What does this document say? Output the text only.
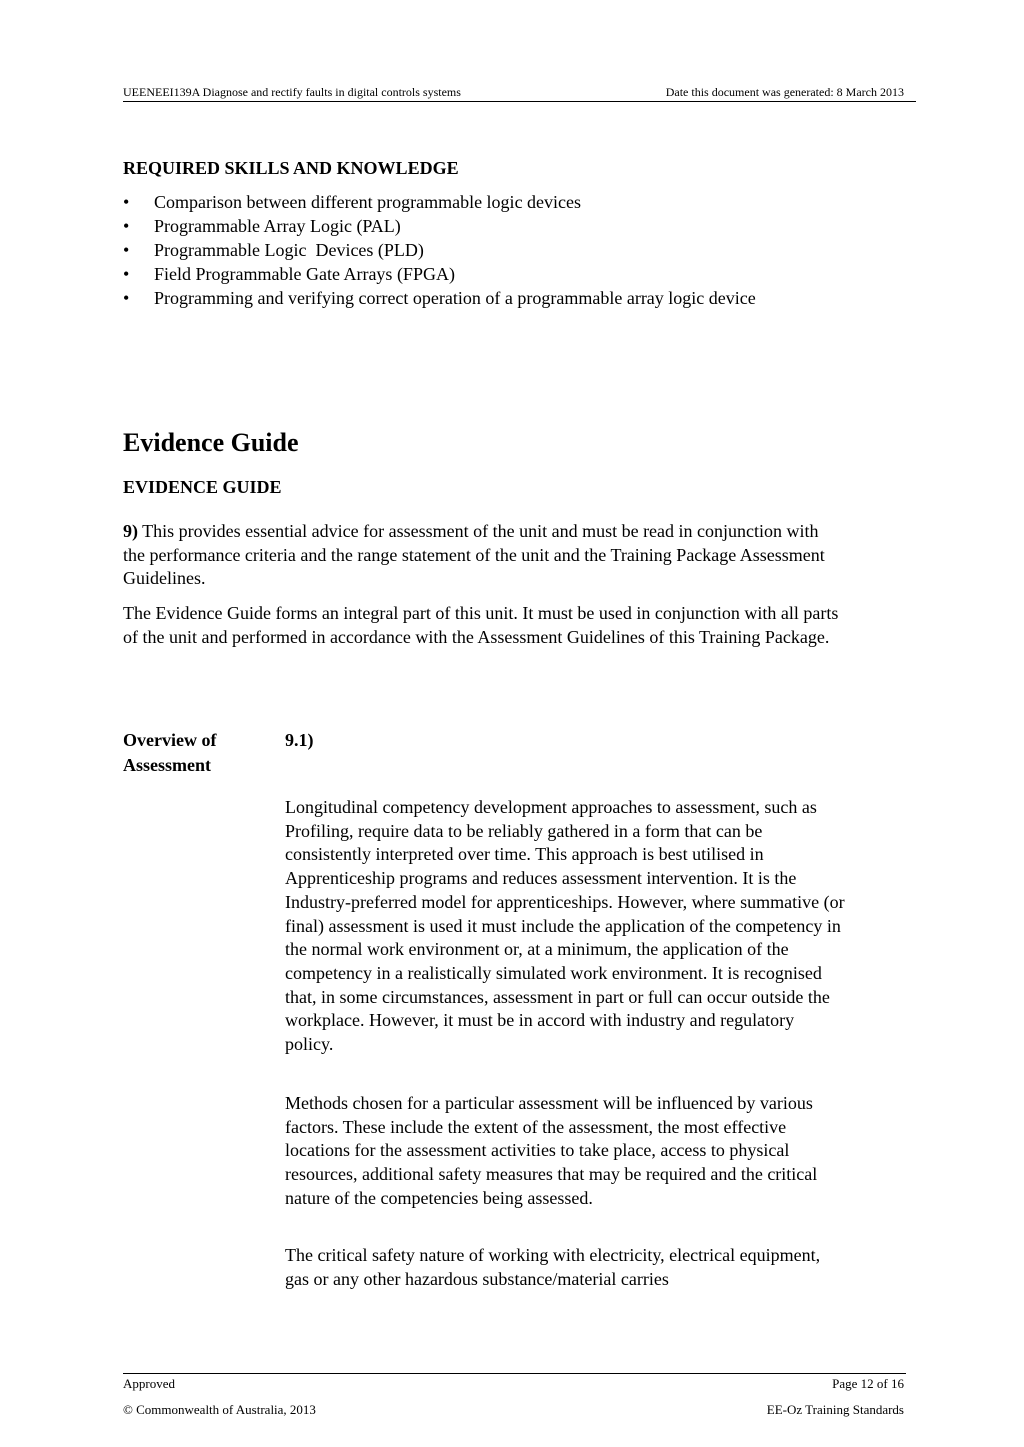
UEENEEI139A Diagnose and rectify faults in digital controls systems	Date this document was generated: 8 March 2013
REQUIRED SKILLS AND KNOWLEDGE
•	Comparison between different programmable logic devices
•	Programmable Array Logic (PAL)
•	Programmable Logic  Devices (PLD)
•	Field Programmable Gate Arrays (FPGA)
•	Programming and verifying correct operation of a programmable array logic device
Evidence Guide
EVIDENCE GUIDE
9) This provides essential advice for assessment of the unit and must be read in conjunction with the performance criteria and the range statement of the unit and the Training Package Assessment Guidelines.
The Evidence Guide forms an integral part of this unit. It must be used in conjunction with all parts of the unit and performed in accordance with the Assessment Guidelines of this Training Package.
Overview of Assessment
9.1)
Longitudinal competency development approaches to assessment, such as Profiling, require data to be reliably gathered in a form that can be consistently interpreted over time. This approach is best utilised in Apprenticeship programs and reduces assessment intervention. It is the Industry-preferred model for apprenticeships. However, where summative (or final) assessment is used it must include the application of the competency in the normal work environment or, at a minimum, the application of the competency in a realistically simulated work environment. It is recognised that, in some circumstances, assessment in part or full can occur outside the workplace. However, it must be in accord with industry and regulatory policy.
Methods chosen for a particular assessment will be influenced by various factors. These include the extent of the assessment, the most effective locations for the assessment activities to take place, access to physical resources, additional safety measures that may be required and the critical nature of the competencies being assessed.
The critical safety nature of working with electricity, electrical equipment, gas or any other hazardous substance/material carries
Approved	Page 12 of 16
© Commonwealth of Australia, 2013	EE-Oz Training Standards
